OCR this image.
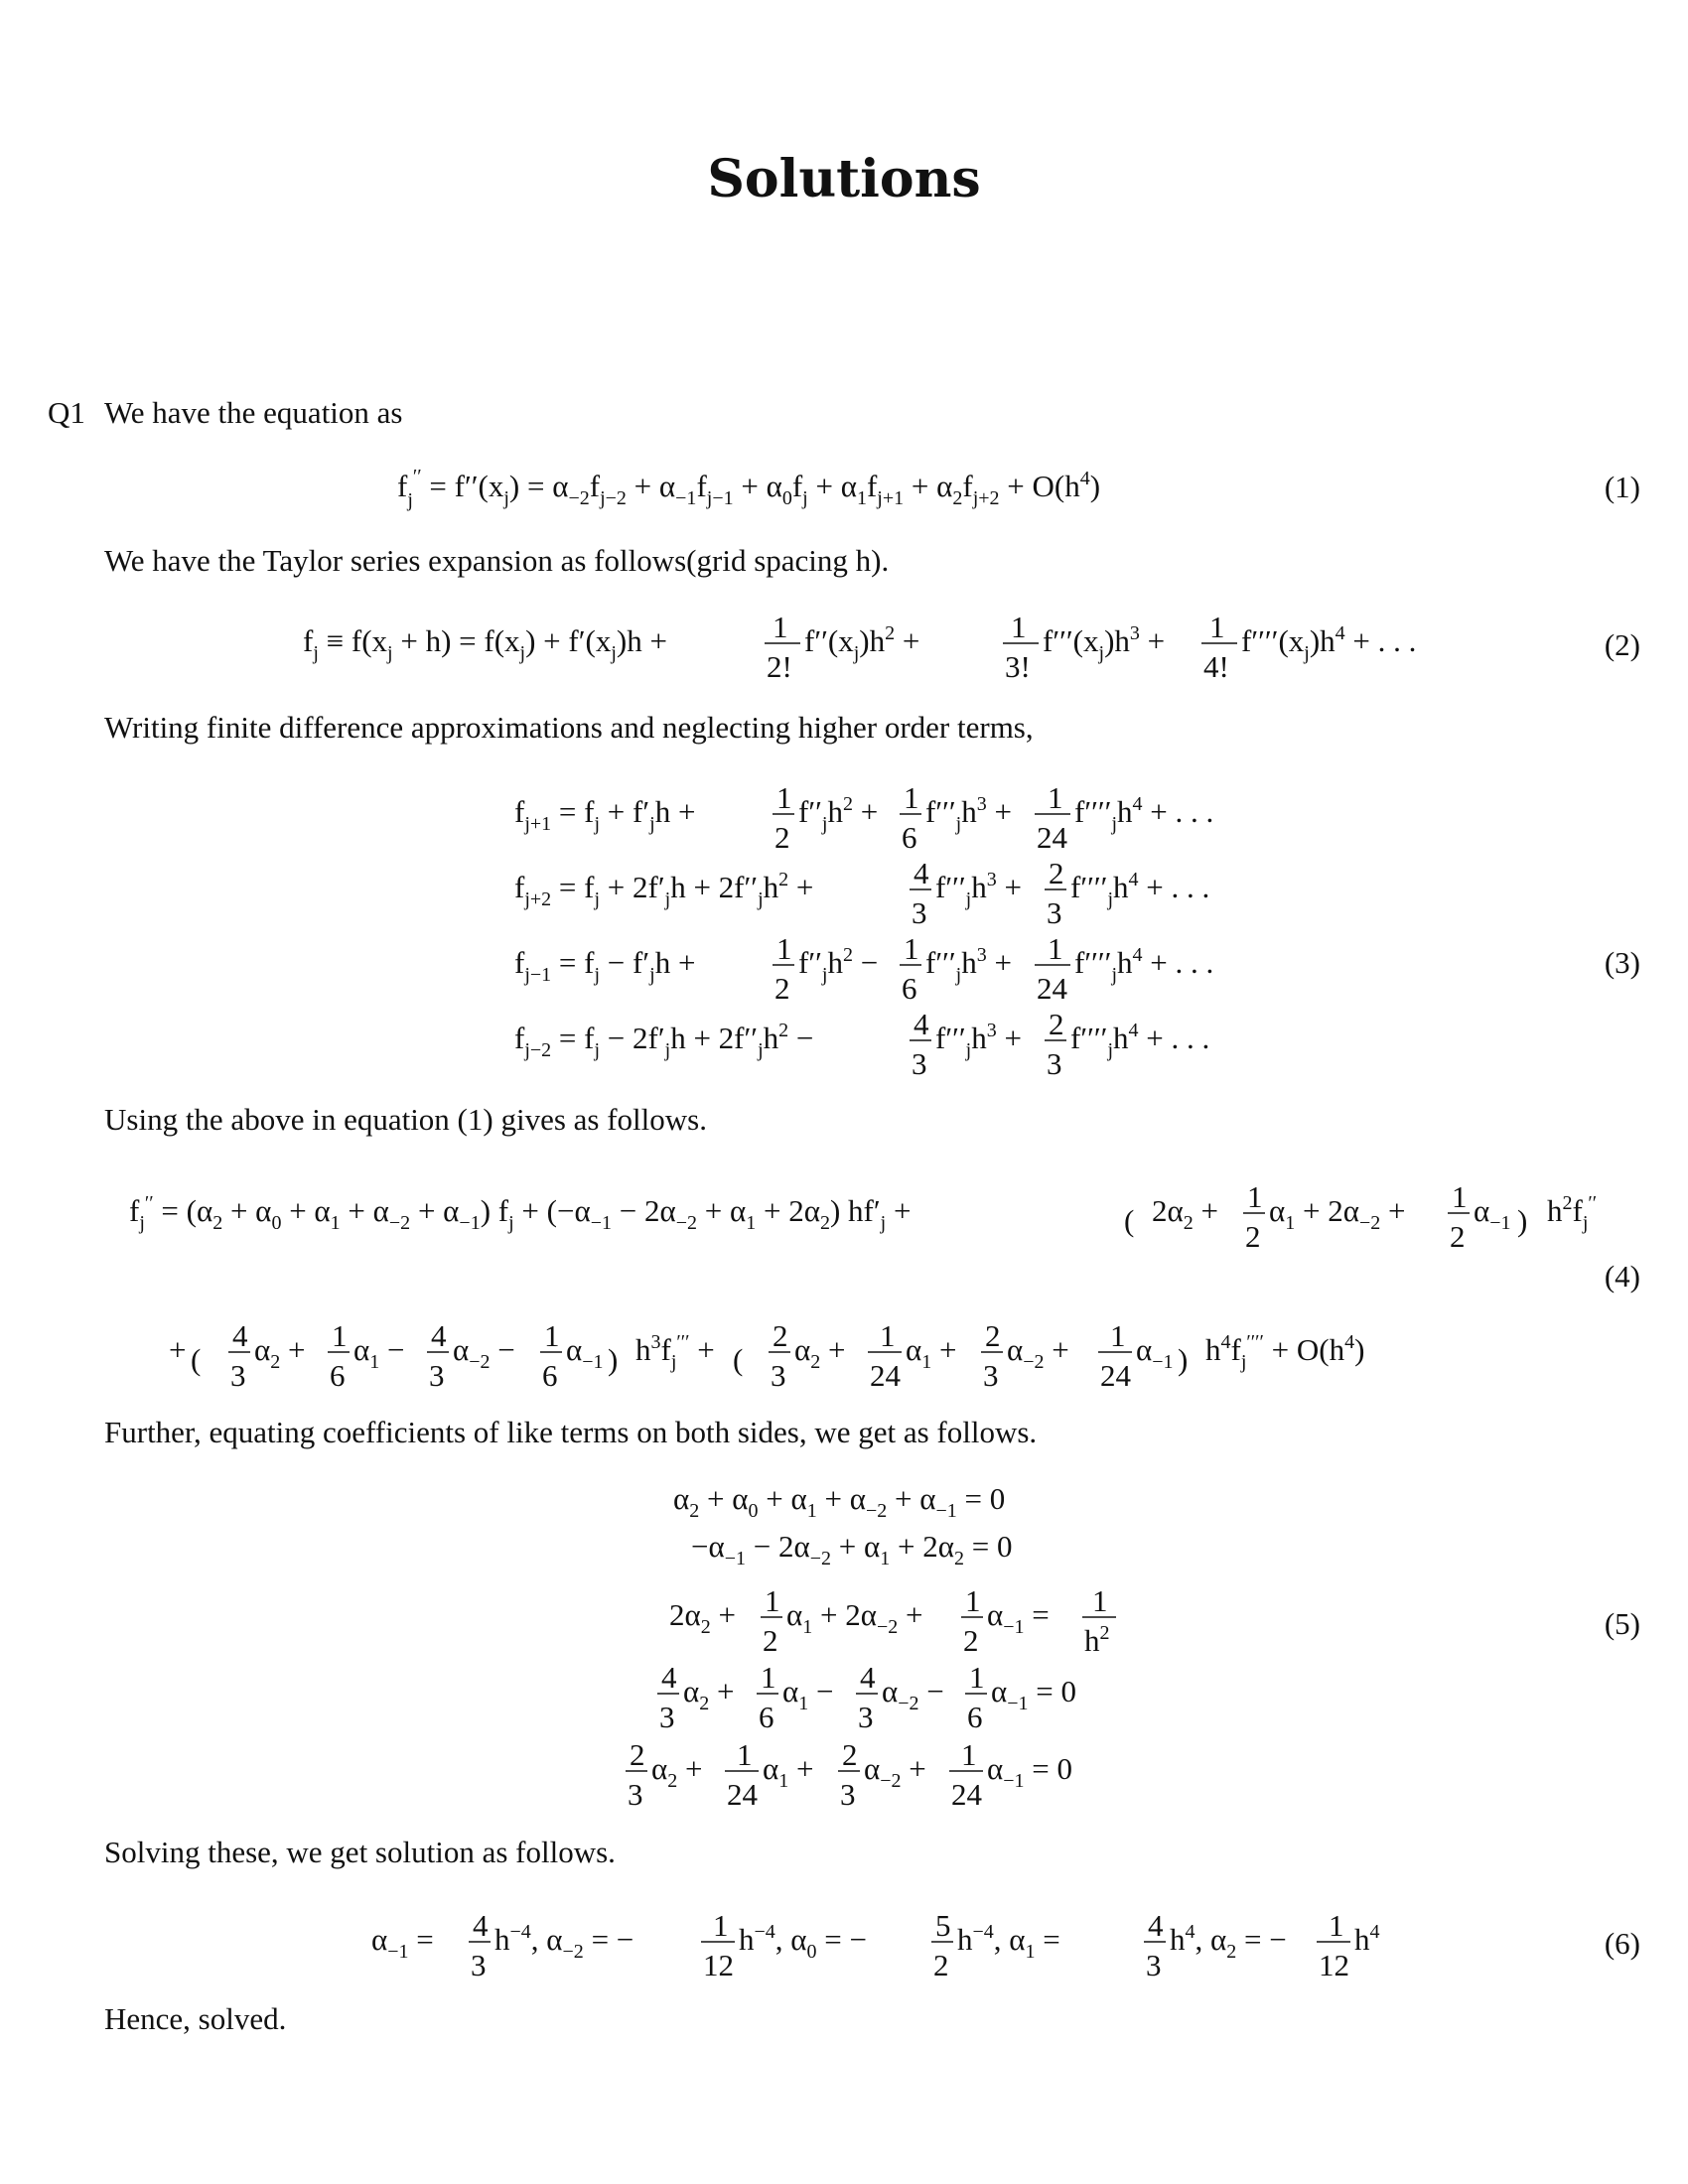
Solutions
Q1 We have the equation as
$f_j'' = f''(x_j) = \alpha_{-2}f_{j-2} + \alpha_{-1}f_{j-1} + \alpha_0f_j + \alpha_1f_{j+1} + \alpha_2f_{j+2} + O(h^4)$	(1)
We have the Taylor series expansion as follows(grid spacing h).
$f_j \equiv f(x_j + h) = f(x_j) + f'(x_j)h$ +	1
2!
$f''(x_j)h^2$ +	1
3!
$f'''(x_j)h^3 + 1$
4!
$f''''(x_j)h^4$ + . . .	(2)
Writing finite difference approximations and neglecting higher order terms,
$f_{j+1} = f_j + f'_jh$ +	1
2
$f''_jh^2 + 1$
6
$f'''_jh^3 + 1$
24
$f''''_jh^4$ + . . .
$f_{j+2} = f_j + 2f'_jh + 2f''_jh^2$ +	4
3
$f'''_jh^3 + 2$
3
$f''''_jh^4$ + . . .
$f_{j-1} = f_j - f'_jh$ +	1
2
$f''_jh^2 - 1$
6
$f'''_jh^3 + 1$
24
$f''''_jh^4$ + . . .
$f_{j-2} = f_j - 2f'_jh + 2f''_jh^2$ −	4
3
$f'''_jh^3 + 2$
3
$f''''_jh^4$ + . . .
(3)
Using the above in equation (1) gives as follows.
$f_j'' = (\alpha_2 + \alpha_0 + \alpha_1 + \alpha_{-2} + \alpha_{-1}) f_j + (-\alpha_{-1} - 2\alpha_{-2} + \alpha_1 + 2\alpha_2) hf'_j$ +	( $2\alpha_2 + 1$
2
$\alpha_1 + 2\alpha_{-2} + 1$
2
$\alpha_{-1}$ ) $h^2f_j''$
+ (
4
3
$\alpha_2 + 1$
6
$\alpha_1 - 4$
3
$\alpha_{-2} - 1$
6
$\alpha_{-1}$ ) $h^3f_j'''$ + (
2
3
$\alpha_2 + 1$
24
$\alpha_1 + 2$
3
$\alpha_{-2} + 1$
24
$\alpha_{-1}$ ) $h^4f_j'''' + O(h^4)$
(4)
Further, equating coefficients of like terms on both sides, we get as follows.
$\alpha_2 + \alpha_0 + \alpha_1 + \alpha_{-2} + \alpha_{-1} = 0$
$-\alpha_{-1} - 2\alpha_{-2} + \alpha_1 + 2\alpha_2 = 0$
$2\alpha_2 + 1$
2
$\alpha_1 + 2\alpha_{-2} + 1$
2
$\alpha_{-1} = 1$
$h^2$
4
3
$\alpha_2 + 1$
6
$\alpha_1 - 4$
3
$\alpha_{-2} - 1$
6
$\alpha_{-1} = 0$
2
3
$\alpha_2 + 1$
24
$\alpha_1 + 2$
3
$\alpha_{-2} + 1$
24
$\alpha_{-1} = 0$
(5)
Solving these, we get solution as follows.
$\alpha_{-1} = 4$
3
$h^{-4}$, $\alpha_{-2}$ = −	1
12
$h^{-4}$, $\alpha_0$ = − 5
2
$h^{-4}$, $\alpha_1$ =	4
3
$h^4$, $\alpha_2$ = − 1
12
$h^4$	(6)
Hence, solved.
